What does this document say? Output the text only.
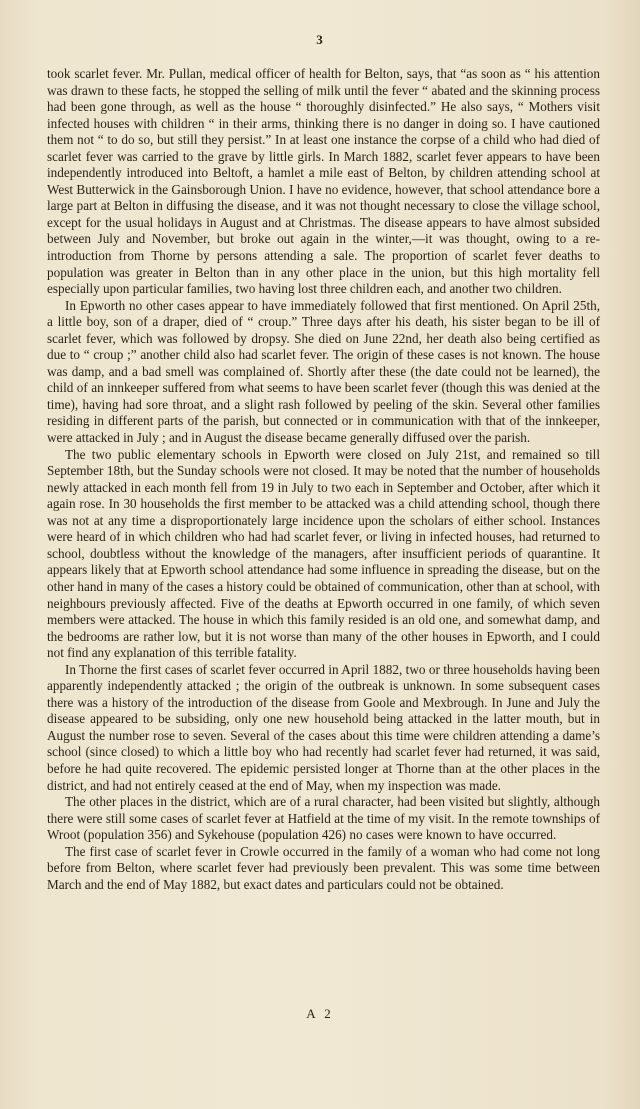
3

took scarlet fever. Mr. Pullan, medical officer of health for Belton, says, that “as soon as “ his attention was drawn to these facts, he stopped the selling of milk until the fever “ abated and the skinning process had been gone through, as well as the house “ thoroughly disinfected.” He also says, “ Mothers visit infected houses with children “ in their arms, thinking there is no danger in doing so. I have cautioned them not “ to do so, but still they persist.” In at least one instance the corpse of a child who had died of scarlet fever was carried to the grave by little girls. In March 1882, scarlet fever appears to have been independently introduced into Beltoft, a hamlet a mile east of Belton, by children attending school at West Butterwick in the Gainsborough Union. I have no evidence, however, that school attendance bore a large part at Belton in diffusing the disease, and it was not thought necessary to close the village school, except for the usual holidays in August and at Christmas. The disease appears to have almost subsided between July and November, but broke out again in the winter,—it was thought, owing to a re-introduction from Thorne by persons attending a sale. The proportion of scarlet fever deaths to population was greater in Belton than in any other place in the union, but this high mortality fell especially upon particular families, two having lost three children each, and another two children.

In Epworth no other cases appear to have immediately followed that first mentioned. On April 25th, a little boy, son of a draper, died of “ croup.” Three days after his death, his sister began to be ill of scarlet fever, which was followed by dropsy. She died on June 22nd, her death also being certified as due to “ croup ;” another child also had scarlet fever. The origin of these cases is not known. The house was damp, and a bad smell was complained of. Shortly after these (the date could not be learned), the child of an innkeeper suffered from what seems to have been scarlet fever (though this was denied at the time), having had sore throat, and a slight rash followed by peeling of the skin. Several other families residing in different parts of the parish, but connected or in communication with that of the innkeeper, were attacked in July ; and in August the disease became generally diffused over the parish.

The two public elementary schools in Epworth were closed on July 21st, and remained so till September 18th, but the Sunday schools were not closed. It may be noted that the number of households newly attacked in each month fell from 19 in July to two each in September and October, after which it again rose. In 30 households the first member to be attacked was a child attending school, though there was not at any time a disproportionately large incidence upon the scholars of either school. Instances were heard of in which children who had had scarlet fever, or living in infected houses, had returned to school, doubtless without the knowledge of the managers, after insufficient periods of quarantine. It appears likely that at Epworth school attendance had some influence in spreading the disease, but on the other hand in many of the cases a history could be obtained of communication, other than at school, with neighbours previously affected. Five of the deaths at Epworth occurred in one family, of which seven members were attacked. The house in which this family resided is an old one, and somewhat damp, and the bedrooms are rather low, but it is not worse than many of the other houses in Epworth, and I could not find any explanation of this terrible fatality.

In Thorne the first cases of scarlet fever occurred in April 1882, two or three households having been apparently independently attacked ; the origin of the outbreak is unknown. In some subsequent cases there was a history of the introduction of the disease from Goole and Mexbrough. In June and July the disease appeared to be subsiding, only one new household being attacked in the latter mouth, but in August the number rose to seven. Several of the cases about this time were children attending a dame’s school (since closed) to which a little boy who had recently had scarlet fever had returned, it was said, before he had quite recovered. The epidemic persisted longer at Thorne than at the other places in the district, and had not entirely ceased at the end of May, when my inspection was made.

The other places in the district, which are of a rural character, had been visited but slightly, although there were still some cases of scarlet fever at Hatfield at the time of my visit. In the remote townships of Wroot (population 356) and Sykehouse (population 426) no cases were known to have occurred.

The first case of scarlet fever in Crowle occurred in the family of a woman who had come not long before from Belton, where scarlet fever had previously been prevalent. This was some time between March and the end of May 1882, but exact dates and particulars could not be obtained.

A 2
